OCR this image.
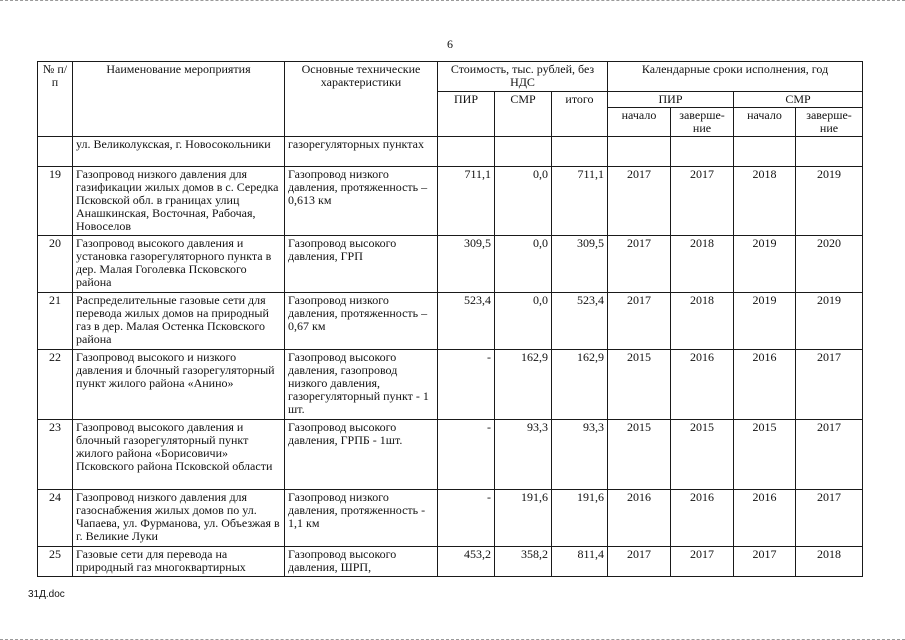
6
№ п/п	Наименование мероприятия	Основные технические характеристики	Стоимость, тыс. рублей, без НДС			Календарные сроки исполнения, год			
			ПИР	СМР	итого	ПИР		СМР	
						начало	заверше- ние	начало	заверше- ние
	ул. Великолукская, г. Новосокольники	газорегуляторных пунктах							
19	Газопровод низкого давления для газификации жилых домов в с. Середка Псковской обл. в границах улиц Анашкинская, Восточная, Рабочая, Новоселов	Газопровод низкого давления, протяженность – 0,613 км	711,1	0,0	711,1	2017	2017	2018	2019
20	Газопровод высокого давления и установка газорегуляторного пункта в дер. Малая Гоголевка Псковского района	Газопровод высокого давления, ГРП	309,5	0,0	309,5	2017	2018	2019	2020
21	Распределительные газовые сети для перевода жилых домов на природный газ в дер. Малая Остенка Псковского района	Газопровод низкого давления, протяженность – 0,67 км	523,4	0,0	523,4	2017	2018	2019	2019
22	Газопровод высокого и низкого давления и блочный газорегуляторный пункт жилого района «Анино»	Газопровод высокого давления, газопровод низкого давления, газорегуляторный пункт - 1 шт.	-	162,9	162,9	2015	2016	2016	2017
23	Газопровод высокого давления и блочный газорегуляторный пункт жилого района «Борисовичи» Псковского района Псковской области	Газопровод высокого давления, ГРПБ - 1шт.	-	93,3	93,3	2015	2015	2015	2017
24	Газопровод низкого давления для газоснабжения жилых домов по ул. Чапаева, ул. Фурманова, ул. Объезжая в г. Великие Луки	Газопровод низкого давления, протяженность - 1,1 км	-	191,6	191,6	2016	2016	2016	2017
25	Газовые сети для перевода на природный газ многоквартирных	Газопровод высокого давления, ШРП,	453,2	358,2	811,4	2017	2017	2017	2018
31Д.doc
